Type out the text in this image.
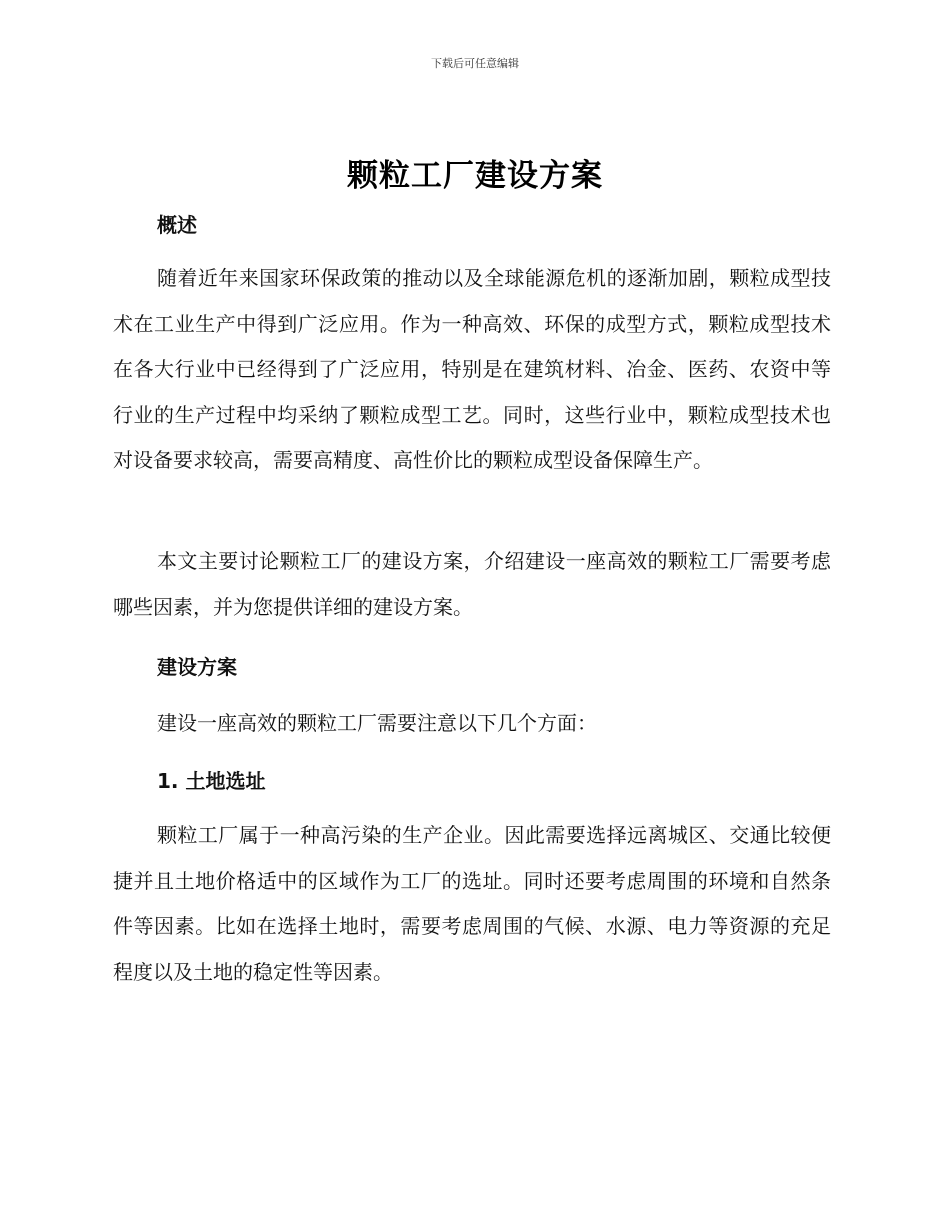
下载后可任意编辑
颗粒工厂建设方案
概述

随着近年来国家环保政策的推动以及全球能源危机的逐渐加剧，颗粒成型技术在工业生产中得到广泛应用。作为一种高效、环保的成型方式，颗粒成型技术在各大行业中已经得到了广泛应用，特别是在建筑材料、冶金、医药、农资中等行业的生产过程中均采纳了颗粒成型工艺。同时，这些行业中，颗粒成型技术也对设备要求较高，需要高精度、高性价比的颗粒成型设备保障生产。

本文主要讨论颗粒工厂的建设方案，介绍建设一座高效的颗粒工厂需要考虑哪些因素，并为您提供详细的建设方案。

建设方案
建设一座高效的颗粒工厂需要注意以下几个方面：
1. 土地选址

颗粒工厂属于一种高污染的生产企业。因此需要选择远离城区、交通比较便捷并且土地价格适中的区域作为工厂的选址。同时还要考虑周围的环境和自然条件等因素。比如在选择土地时，需要考虑周围的气候、水源、电力等资源的充足程度以及土地的稳定性等因素。
